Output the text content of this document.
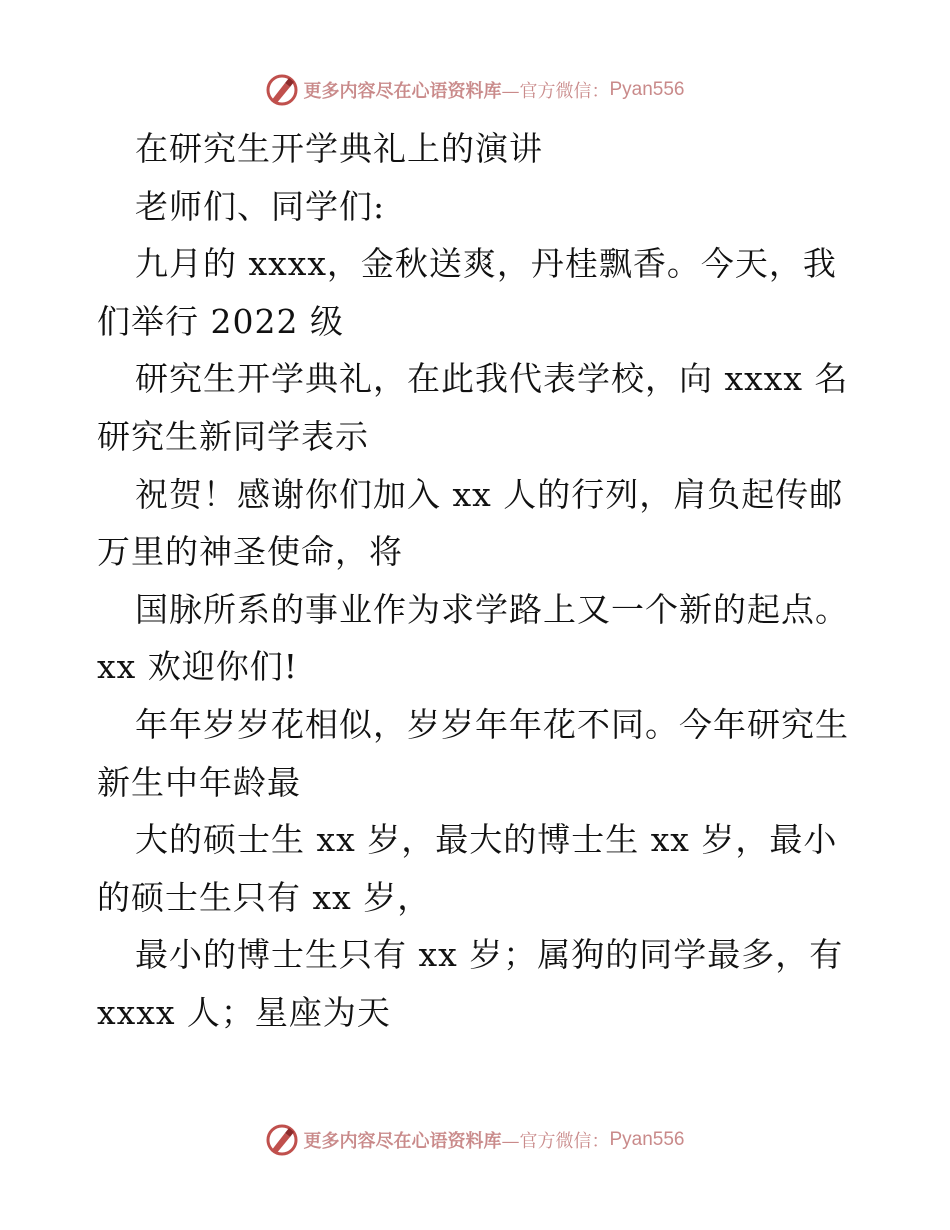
更多内容尽在心语资料库 —官方微信： Pyan556
在研究生开学典礼上的演讲
老师们、同学们:
九月的 xxxx，金秋送爽，丹桂飘香。今天，我
们举行 2022 级
研究生开学典礼，在此我代表学校，向 xxxx 名
研究生新同学表示
祝贺！感谢你们加入 xx 人的行列，肩负起传邮
万里的神圣使命，将
国脉所系的事业作为求学路上又一个新的起点。
xx 欢迎你们!
年年岁岁花相似，岁岁年年花不同。今年研究生
新生中年龄最
大的硕士生 xx 岁，最大的博士生 xx 岁，最小
的硕士生只有 xx 岁，
最小的博士生只有 xx 岁；属狗的同学最多，有
xxxx 人；星座为天
更多内容尽在心语资料库 —官方微信： Pyan556
